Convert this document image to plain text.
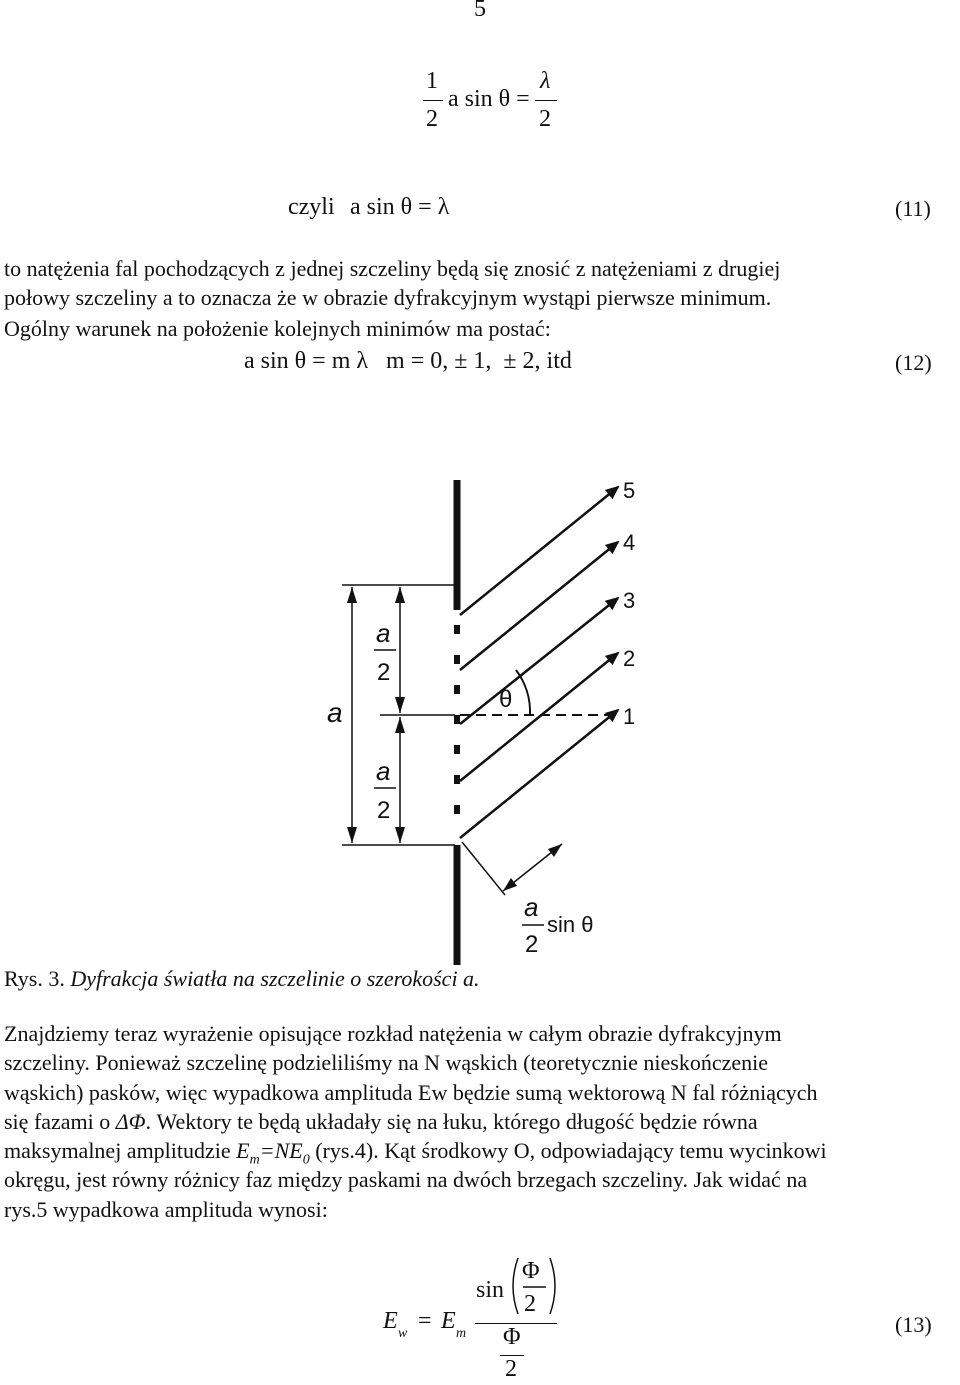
5
1
2
a sin θ =
λ
2
czyli a sin θ = λ	(11)
to natężenia fal pochodzących z jednej szczeliny będą się znosić z natężeniami z drugiej
połowy szczeliny a to oznacza że w obrazie dyfrakcyjnym wystąpi pierwsze minimum.
Ogólny warunek na położenie kolejnych minimów ma postać:
a sin θ = m λ   m = 0, ± 1,  ± 2, itd	(12)
5
4
3
2
1
θ
a
a
2
a
2
a
2
sin θ
Rys. 3. Dyfrakcja światła na szczelinie o szerokości a.
Znajdziemy teraz wyrażenie opisujące rozkład natężenia w całym obrazie dyfrakcyjnym
szczeliny. Ponieważ szczelinę podzieliliśmy na N wąskich (teoretycznie nieskończenie
wąskich) pasków, więc wypadkowa amplituda Ew będzie sumą wektorową N fal różniących
się fazami o ΔΦ. Wektory te będą układały się na łuku, którego długość będzie równa
maksymalnej amplitudzie $E_m=NE_0$ (rys.4). Kąt środkowy O, odpowiadający temu wycinkowi
okręgu, jest równy różnicy faz między paskami na dwóch brzegach szczeliny. Jak widać na
rys.5 wypadkowa amplituda wynosi:
E w = E m
sin
Φ
2
Φ
2
(13)
